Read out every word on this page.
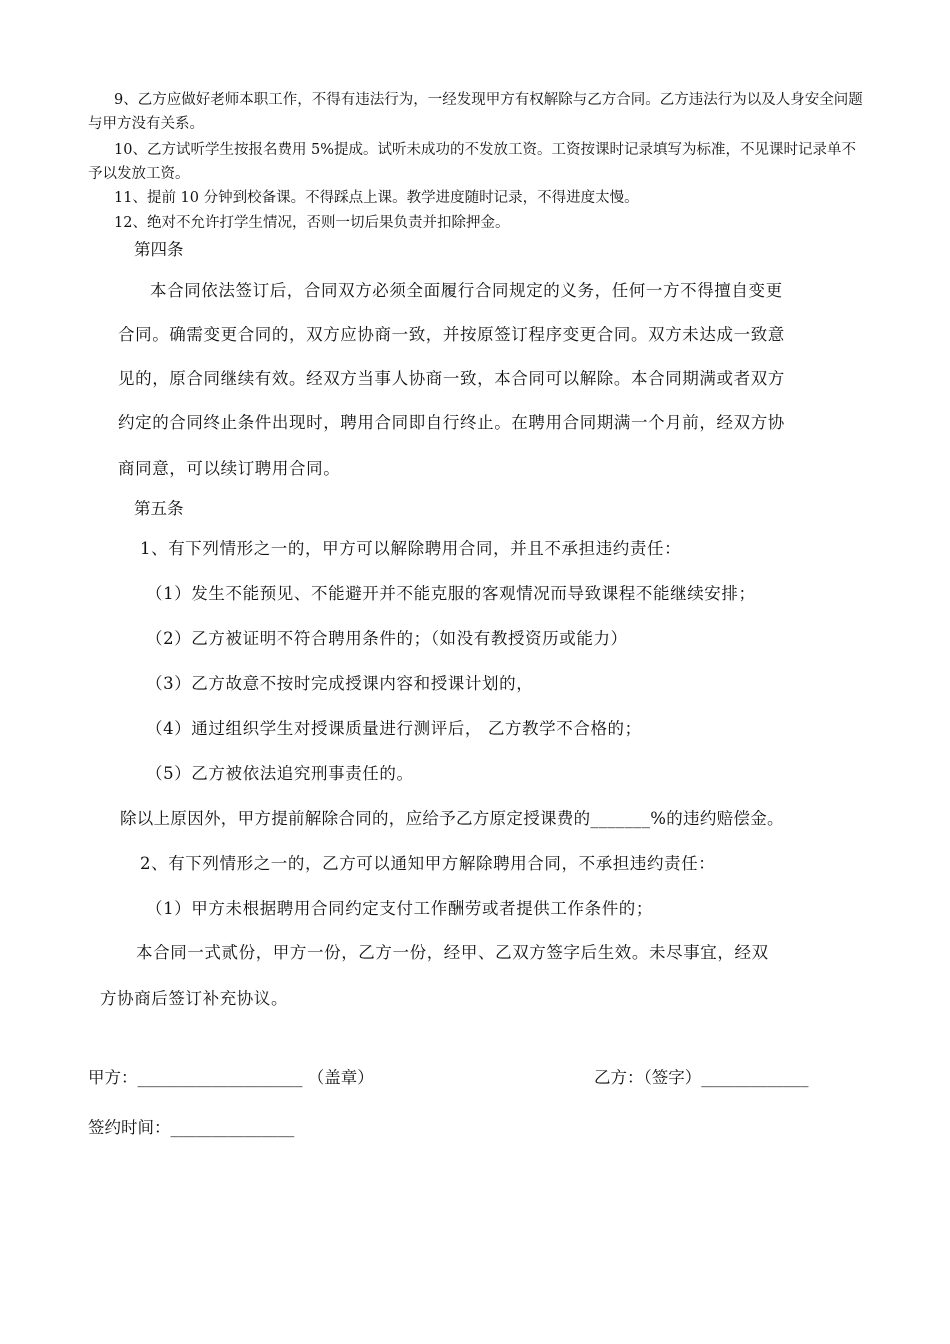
9、乙方应做好老师本职工作，不得有违法行为，一经发现甲方有权解除与乙方合同。乙方违法行为以及人身安全问题与甲方没有关系。

10、乙方试听学生按报名费用 5%提成。试听未成功的不发放工资。工资按课时记录填写为标准，不见课时记录单不予以发放工资。

11、提前 10 分钟到校备课。不得踩点上课。教学进度随时记录，不得进度太慢。

12、绝对不允许打学生情况，否则一切后果负责并扣除押金。

第四条

本合同依法签订后，合同双方必须全面履行合同规定的义务，任何一方不得擅自变更

合同。确需变更合同的，双方应协商一致，并按原签订程序变更合同。双方未达成一致意

见的，原合同继续有效。经双方当事人协商一致，本合同可以解除。本合同期满或者双方

约定的合同终止条件出现时，聘用合同即自行终止。在聘用合同期满一个月前，经双方协

商同意，可以续订聘用合同。

第五条

1、有下列情形之一的，甲方可以解除聘用合同，并且不承担违约责任：

（1）发生不能预见、不能避开并不能克服的客观情况而导致课程不能继续安排；

（2）乙方被证明不符合聘用条件的；（如没有教授资历或能力）

（3）乙方故意不按时完成授课内容和授课计划的，

（4）通过组织学生对授课质量进行测评后， 乙方教学不合格的；

（5）乙方被依法追究刑事责任的。

除以上原因外，甲方提前解除合同的，应给予乙方原定授课费的_______%的违约赔偿金。

2、有下列情形之一的，乙方可以通知甲方解除聘用合同，不承担违约责任：

（1）甲方未根据聘用合同约定支付工作酬劳或者提供工作条件的；

本合同一式贰份，甲方一份，乙方一份，经甲、乙双方签字后生效。未尽事宜，经双

方协商后签订补充协议。

甲方：____________________ （盖章）	乙方：（签字）_____________

签约时间：_______________
